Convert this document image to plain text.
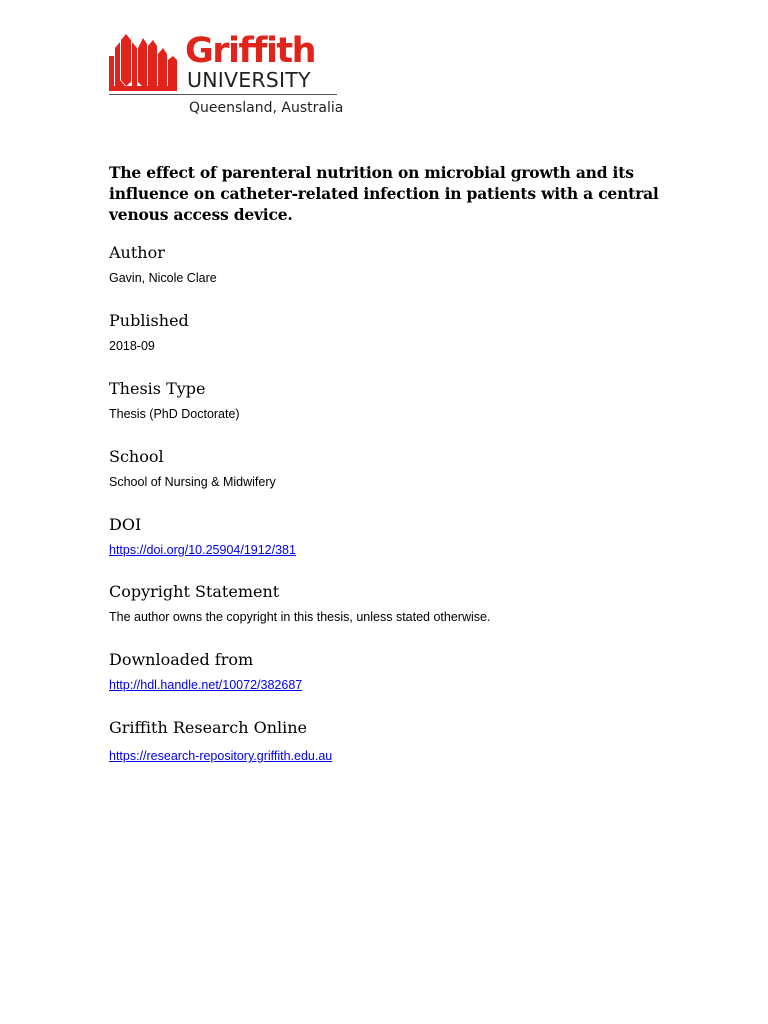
Griffith
UNIVERSITY
Queensland, Australia
The effect of parenteral nutrition on microbial growth and its influence on catheter-related infection in patients with a central venous access device.
Author
Gavin, Nicole Clare
Published
2018-09
Thesis Type
Thesis (PhD Doctorate)
School
School of Nursing & Midwifery
DOI
https://doi.org/10.25904/1912/381
Copyright Statement
The author owns the copyright in this thesis, unless stated otherwise.
Downloaded from
http://hdl.handle.net/10072/382687
Griffith Research Online
https://research-repository.griffith.edu.au
